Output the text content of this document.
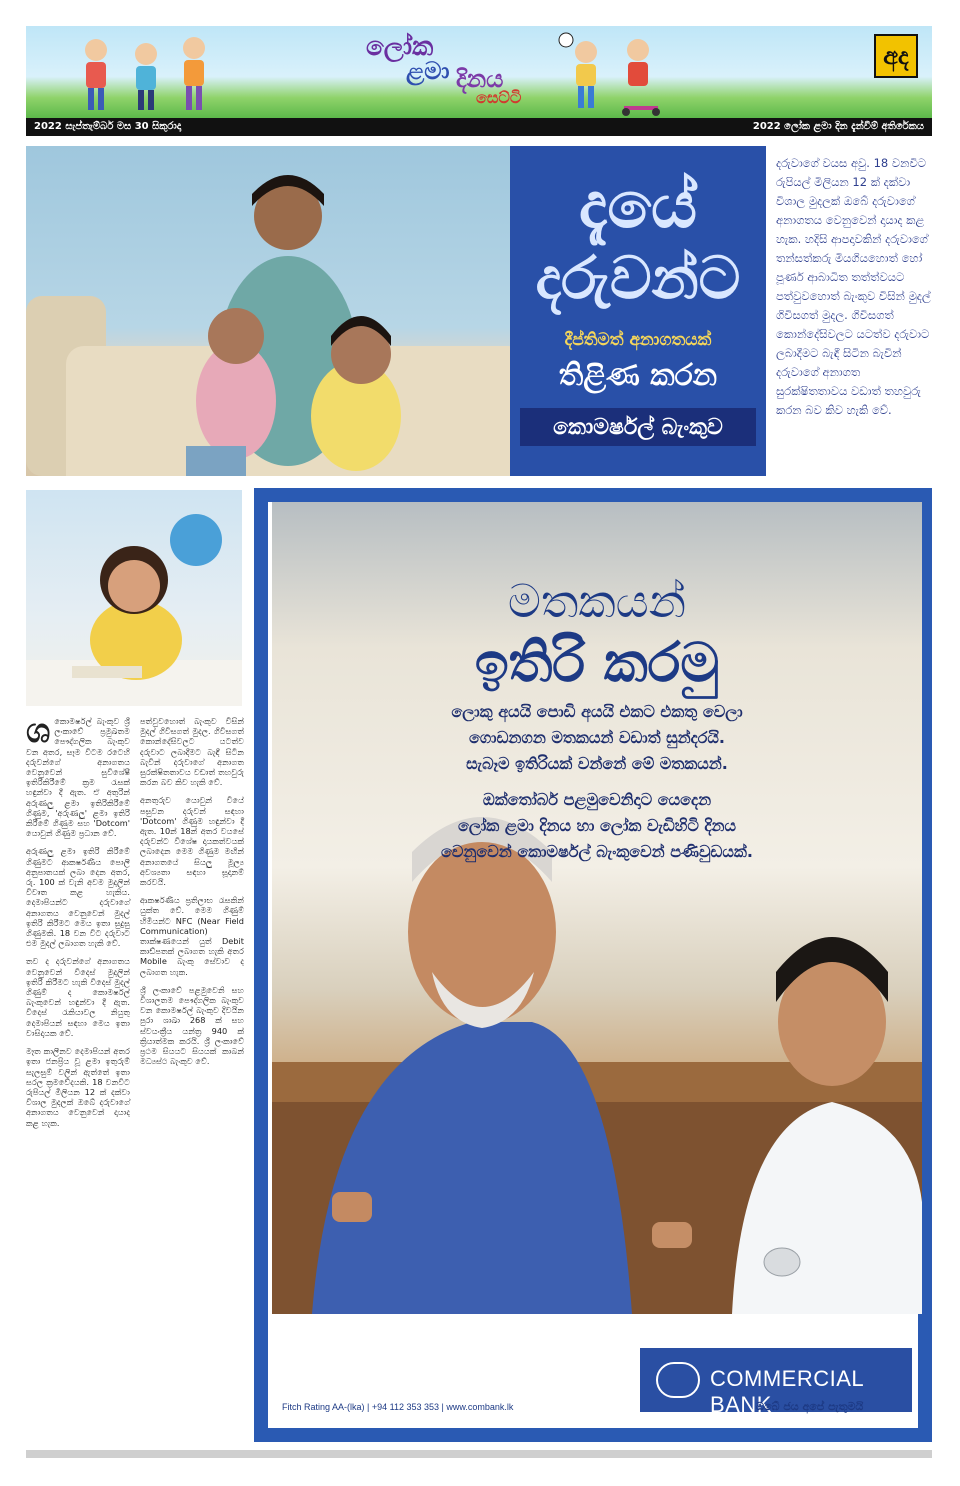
ලෝක
ළමා දිනය
සෙට්ටි
අද
2022 සැප්තැම්බර් මස 30 සිකුරාදා	2022 ලෝක ළමා දින දැන්වීම් අතිරේකය
දැයේ
දරුවන්ට
දීප්තිමත් අනාගතයක්
තිළිණ කරන
කොමර්ෂල් බැංකුව
දරුවාගේ වයස අවු. 18 වනවිට රුපියල් මිලියන 12 ක් දක්වා විශාල මුදලක් ඔබේ දරුවාගේ අනාගතය වෙනුවෙන් දායාද කළ හැක. හදිසි ආපදාවකින් දරුවාගේ තන්සත්කරු මියගියහොත් හෝ පූර්ණ ආබාධිත තත්ත්වයට පත්වුවහොත් බැංකුව විසින් මුදල් ගිවිසගත් මුදල. ගිවිසගත් කොන්දේසිවලට යටත්ව දරුවාට ලබාදීමට බැඳී සිටින බැවින් දරුවාගේ අනාගත සුරක්ෂිතතාවය වඩාත් තහවුරු කරන බව කිව හැකි වේ.

ශකොමර්ෂල් බැංකුව ශ්‍රී ලංකාවේ ප්‍රමුඛතම පෞද්ගලික බැංකුව වන අතර, සෑම විටම රටෙහි දරුවන්ගේ අනාගතය වෙනුවෙන් සුවිශේෂී ඉතිරිකිරීමේ ක්‍රම රැසක් හඳුන්වා දී ඇත. ඒ අතුරින් අරුණලු ළමා ඉතිරිකිරීමේ ගිණුම, 'අරුණලු' ළමා ඉතිරි කිරීමේ ගිණුම සහ 'Dotcom' යොවුන් ගිණුම ප්‍රධාන වේ.

අරුණලු ළමා ඉතිරි කිරීමේ ගිණුමට ආකර්ෂණීය පොලී අනුපාතයක් ලබා දෙන අතර, රු. 100 ක් වැනි අවම මුදලින් විවෘත කළ හැකිය. දෙමාපියන්ට දරුවාගේ අනාගතය වෙනුවෙන් මුදල් ඉතිරි කිරීමට මෙය ඉතා සුදුසු ගිණුමකි. 18 වන විට දරුවාට එම මුදල් ලබාගත හැකි වේ.

තව ද දරුවන්ගේ අනාගතය වෙනුවෙන් විදෙස් මුදලින් ඉතිරි කිරීමට හැකි විදෙස් මුදල් ගිණුම් ද කොමර්ෂල් බැංකුවෙන් හඳුන්වා දී ඇත. විදෙස් රැකියාවල නියුතු දෙමාපියන් සඳහා මෙය ඉතා වාසිදායක වේ.

මෑත කාලීනව දෙමාපියන් අතර ඉතා ජනප්‍රිය වූ ළමා ඉතුරුම් සැලසුම් වලින් ඇත්තේ ඉතා සරල ක්‍රමවේදයකි. 18 වනවිට රුපියල් මිලියන 12 ක් දක්වා විශාල මුදලක් ඔබේ දරුවාගේ අනාගතය වෙනුවෙන් දායාද කළ හැක.

පත්වුවහොත් බැංකුව විසින් මුදල් ගිවිසගත් මුදල. ගිවිසගත් කොන්දේසිවලට යටත්ව දරුවාට ලබාදීමට බැඳී සිටින බැවින් දරුවාගේ අනාගත සුරක්ෂිතතාවය වඩාත් තහවුරු කරන බව කිව හැකි වේ.

අනතුරුව යොවුන් වියේ පසුවන දරුවන් සඳහා 'Dotcom' ගිණුම හඳුන්වා දී ඇත. 10න් 18න් අතර වයසේ දරුවන්ට විශේෂ දායකත්වයක් ලබාදෙන මෙම ගිණුම මඟින් අනාගතයේ සියලු මූල්‍ය අවශ්‍යතා සඳහා සූදානම් කරවයි.

ආකර්ෂණීය ප්‍රතිලාභ රැසකින් යුක්ත වේ. මෙම ගිණුම් හිමියන්ට NFC (Near Field Communication) තාක්ෂණයෙන් යුත් Debit කාඩ්පතක් ලබාගත හැකි අතර Mobile බැංකු සේවාව ද ලබාගත හැක.

ශ්‍රී ලංකාවේ පළමුවෙනි සහ විශාලතම පෞද්ගලික බැංකුව වන කොමර්ෂල් බැංකුව දිවයින පුරා ශාඛා 268 ක් සහ ස්වයංක්‍රීය යන්ත්‍ර 940 ක් ක්‍රියාත්මක කරයි. ශ්‍රී ලංකාවේ ප්‍රථම සියයට සියයක් කාබන් මධ්‍යස්ථ බැංකුව වේ.

මතකයන්
ඉතිරි කරමු
ලොකු අයයි පොඩි අයයි එකට එකතු වෙලා
ගොඩනගන මතකයන් වඩාත් සුන්දරයි.
සැබෑම ඉතිරියක් වන්නේ මේ මතකයන්.
ඔක්තෝබර් පළමුවෙනිදාට යෙදෙන
ලෝක ළමා දිනය හා ලෝක වැඩිහිටි දිනය
වෙනුවෙන් කොමර්ෂල් බැංකුවෙන් පණිවුඩයක්.
COMMERCIAL BANK
Fitch Rating AA-(lka) | +94 112 353 353 | www.combank.lk	ඔබේ ජය අපේ පැතුමයි
